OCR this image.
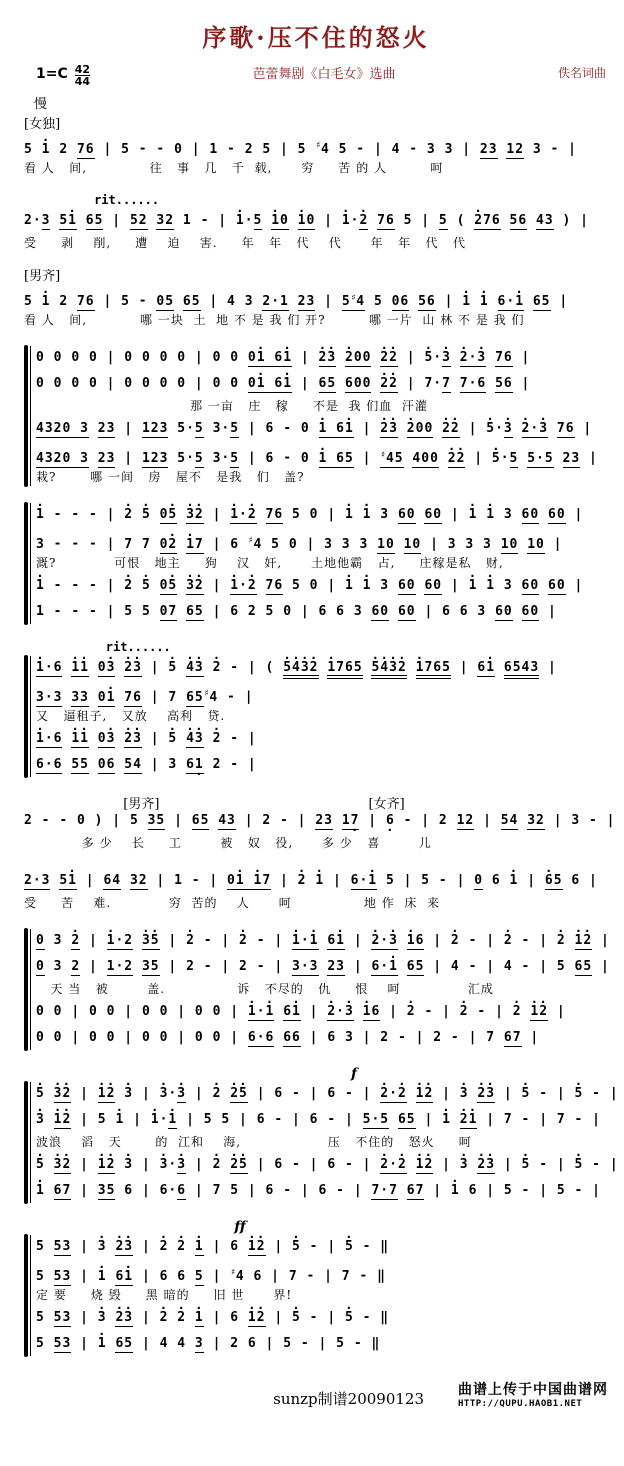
序歌·压不住的怒火
$1=C \frac{4}{4} \frac{2}{4}$	芭蕾舞剧《白毛女》选曲	佚名词曲
慢
[女独]
5 1 · 2 76 | 5 - - 0 | 1 - 2 5 | 5 ♯4 5 - | 4 - 3 3 | 23 12 3 - |
看 人   间,             往   事   几   千  载,      穷     苦 的 人         呵
rit......
2·3 51 · 65 | 52 32 1 - | 1 ··5 1 ·0 1 ·0 | 1 ··2 · 76 5 | 5 ( 2 ·76 56 43 ) |
受     剥    削,     遭    迫    害.     年   年   代    代      年   年   代   代
[男齐]
5 1 · 2 76 | 5 - 05 65 | 4 3 2·1 23 | 5♯4 5 06 56 | 1 · 1 · 6·1 · 65 |
看 人   间,           哪 一块  土  地 不 是 我 们 开?         哪 一片  山 林 不 是 我 们
0 0 0 0 | 0 0 0 0 | 0 0 01 · 61 · | 2 ·3 · 2 ·00 2 ·2 · | 5 ··3 · 2 ··3 · 76 |
0 0 0 0 | 0 0 0 0 | 0 0 01 · 61 · | 65 600 2 ·2 · | 7·7 7·6 56 |
那 一亩   庄   稼     不是  我 们血  汗灌
4320 3 23 | 123 5·5 3·5 | 6 - 0 1 · 61 · | 2 ·3 · 2 ·00 2 ·2 · | 5 ··3 · 2 ··3 · 76 |
4320 3 23 | 123 5·5 3·5 | 6 - 0 1 · 65 | ♯45 400 2 ·2 · | 5 ··5 5·5 23 |
栽?       哪 一间   房   屋不   是我   们   盖?
1 · - - - | 2 · 5 · 05 · 3 ·2 · | 1 ··2 · 76 5 0 | 1 · 1 · 3 60 60 | 1 · 1 · 3 60 60 |
3 - - - | 7 7 02 · 1 ·7 | 6 ♯4 5 0 | 3 3 3 10 10 | 3 3 3 10 10 |
溉?            可恨   地主     狗    汉   奸,      土地他霸   占,     庄稼是私   财,
1 · - - - | 2 · 5 · 05 · 3 ·2 · | 1 ··2 · 76 5 0 | 1 · 1 · 3 60 60 | 1 · 1 · 3 60 60 |
1 - - - | 5 5 07 65 | 6 2 5 0 | 6 6 3 60 60 | 6 6 3 60 60 |
rit......
1 ··6 1 ·1 · 03 · 2 ·3 · | 5 · 4 ·3 · 2 · - | ( 5 ·4 ·3 ·2 · 1 ·765 5 ·4 ·3 ·2 · 1 ·765 | 61 · 6543 |
3·3 33 01 · 76 | 7 65♯4 - |
又   逼租子,   又放    高利   贷.
1 ··6 1 ·1 · 03 · 2 ·3 · | 5 · 4 ·3 · 2 · - |
6·6 55 06 54 | 3 61 · 2 - |
[男齐]	[女齐]
2 - - 0 ) | 5 35 | 65 43 | 2 - | 23 17 · | 6 · - | 2 12 | 54 32 | 3 - |
多 少    长     工        被   奴   役,      多 少   喜        儿
2·3 51 · | 64 32 | 1 - | 01 · 1 ·7 | 2 · 1 · | 6·1 · 5 | 5 - | 0 6 1 · | 6 ·5 6 |
受     苦    难.            穷  苦的    人      呵               地 作  床  来
0 3 2 · | 1 ··2 3 ·5 · | 2 · - | 2 · - | 1 ··1 · 61 · | 2 ··3 · 1 ·6 | 2 · - | 2 · - | 2 · 1 ·2 · |
0 3 2 | 1·2 35 | 2 - | 2 - | 3·3 23 | 6·1 · 65 | 4 - | 4 - | 5 65 |
天 当   被        盖.               诉   不尽的   仇     恨    呵              汇成
0 0 | 0 0 | 0 0 | 0 0 | 1 ··1 · 61 · | 2 ··3 · 1 ·6 | 2 · - | 2 · - | 2 · 1 ·2 · |
0 0 | 0 0 | 0 0 | 0 0 | 6·6 66 | 6 3 | 2 - | 2 - | 7 67 |
f
5 · 3 ·2 · | 1 ·2 · 3 · | 3 ··3 · | 2 · 2 ·5 · | 6 - | 6 - | 2 ··2 · 1 ·2 · | 3 · 2 ·3 · | 5 · - | 5 · - |
3 · 1 ·2 · | 5 1 · | 1 ··1 · | 5 5 | 6 - | 6 - | 5·5 65 | 1 · 2 ·1 · | 7 - | 7 - |
波浪    滔   天       的  江和    海,                  压   不住的   怒火     呵
5 · 3 ·2 · | 1 ·2 · 3 · | 3 ··3 · | 2 · 2 ·5 · | 6 - | 6 - | 2 ··2 · 1 ·2 · | 3 · 2 ·3 · | 5 · - | 5 · - |
1 · 67 | 35 6 | 6·6 | 7 5 | 6 - | 6 - | 7·7 67 | 1 · 6 | 5 - | 5 - |
ff
5 53 | 3 · 2 ·3 · | 2 · 2 · 1 · | 6 1 ·2 · | 5 · - | 5 · - ‖
5 53 | 1 · 61 · | 6 6 5 | ♯4 6 | 7 - | 7 - ‖
定 要     烧 毁     黑 暗的     旧 世      界!
5 53 | 3 · 2 ·3 · | 2 · 2 · 1 · | 6 1 ·2 · | 5 · - | 5 · - ‖
5 53 | 1 · 65 | 4 4 3 | 2 6 | 5 - | 5 - ‖
sunzp制谱20090123 曲谱上传于中国曲谱网
HTTP://QUPU.HAOB1.NET
